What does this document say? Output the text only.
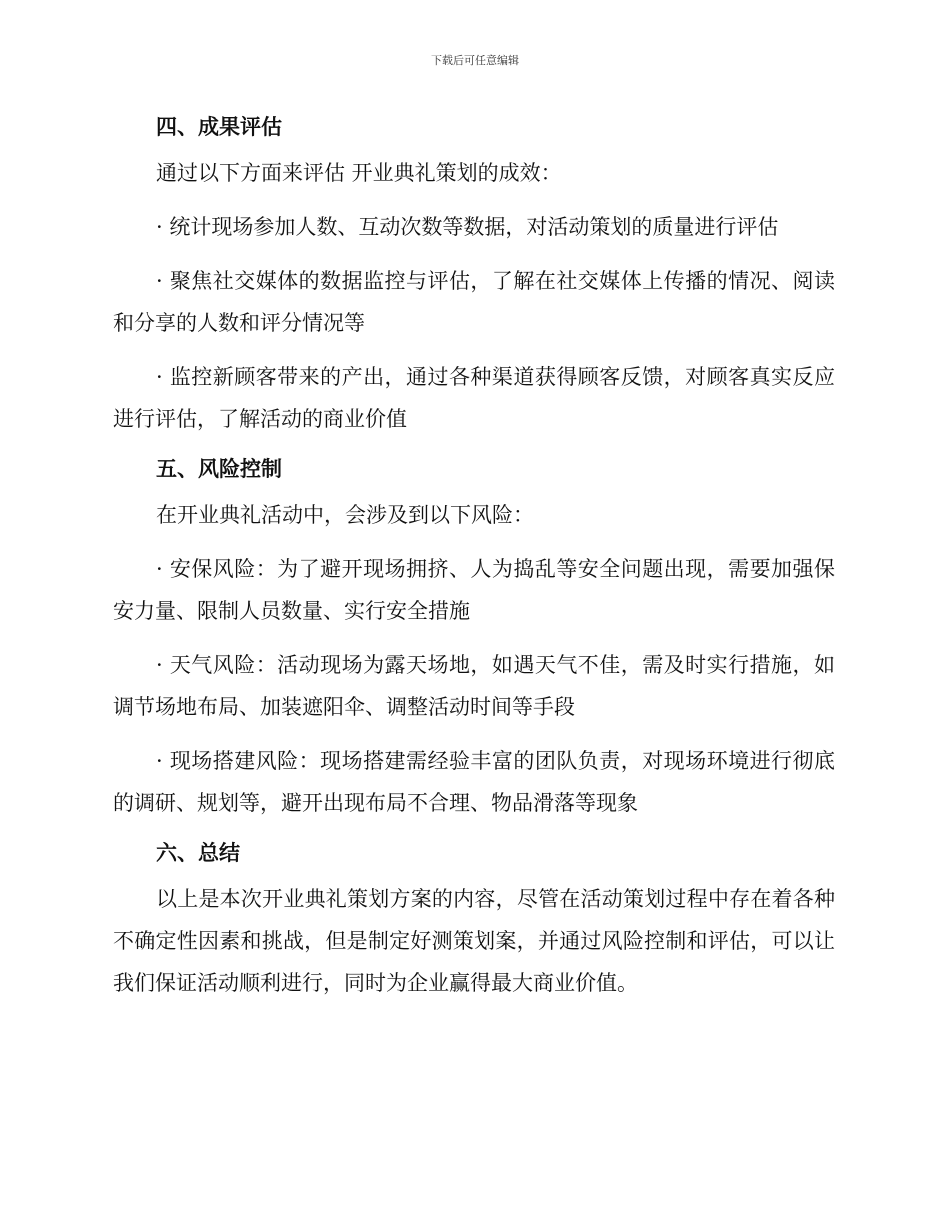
下载后可任意编辑
四、成果评估

通过以下方面来评估 开业典礼策划的成效：

· 统计现场参加人数、互动次数等数据，对活动策划的质量进行评估

· 聚焦社交媒体的数据监控与评估，了解在社交媒体上传播的情况、阅读和分享的人数和评分情况等

· 监控新顾客带来的产出，通过各种渠道获得顾客反馈，对顾客真实反应进行评估，了解活动的商业价值

五、风险控制

在开业典礼活动中，会涉及到以下风险：

· 安保风险：为了避开现场拥挤、人为捣乱等安全问题出现，需要加强保安力量、限制人员数量、实行安全措施

· 天气风险：活动现场为露天场地，如遇天气不佳，需及时实行措施，如调节场地布局、加装遮阳伞、调整活动时间等手段

· 现场搭建风险：现场搭建需经验丰富的团队负责，对现场环境进行彻底的调研、规划等，避开出现布局不合理、物品滑落等现象

六、总结

以上是本次开业典礼策划方案的内容，尽管在活动策划过程中存在着各种不确定性因素和挑战，但是制定好测策划案，并通过风险控制和评估，可以让我们保证活动顺利进行，同时为企业赢得最大商业价值。
